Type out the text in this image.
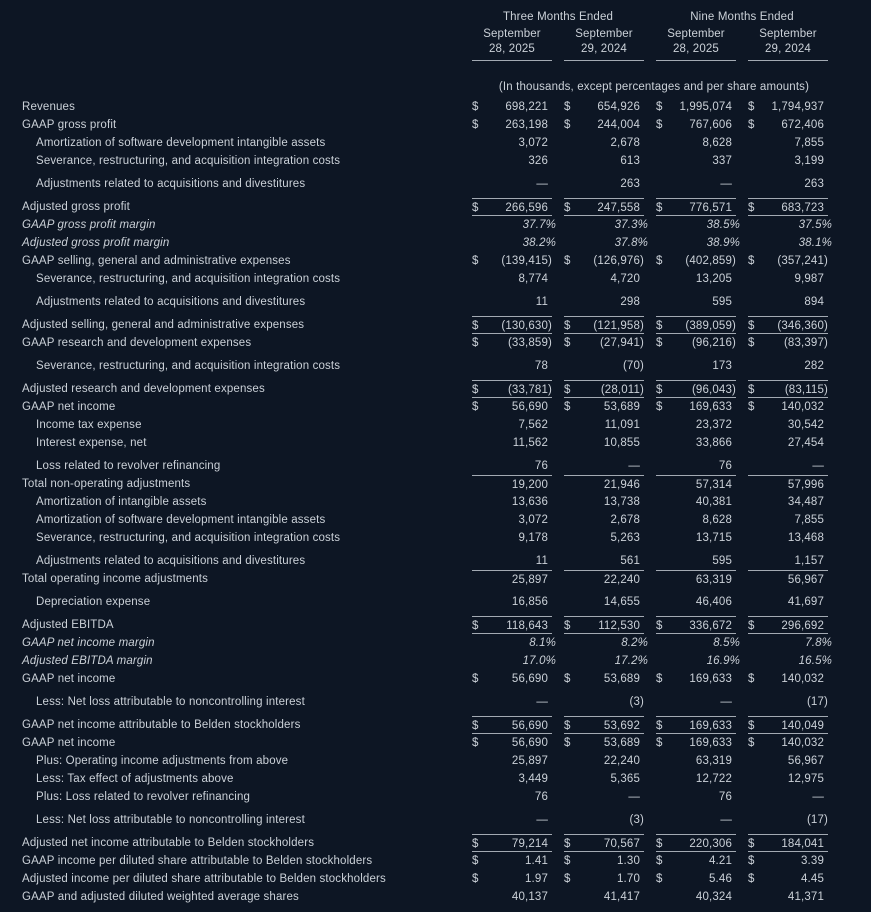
Three Months Ended	Nine Months Ended
September	September	September	September
28, 2025	29, 2024	28, 2025	29, 2024
(In thousands, except percentages and per share amounts)
Revenues	$	698,221	$	654,926	$	1,995,074	$	1,794,937
GAAP gross profit	$	263,198	$	244,004	$	767,606	$	672,406
Amortization of software development intangible assets	3,072	2,678	8,628	7,855
Severance, restructuring, and acquisition integration costs	326	613	337	3,199
Adjustments related to acquisitions and divestitures	—	263	—	263
Adjusted gross profit	$	266,596	$	247,558	$	776,571	$	683,723
GAAP gross profit margin	37.7%	37.3%	38.5%	37.5%
Adjusted gross profit margin	38.2%	37.8%	38.9%	38.1%
GAAP selling, general and administrative expenses	$	(139,415) $	(126,976) $	(402,859) $	(357,241)
Severance, restructuring, and acquisition integration costs	8,774	4,720	13,205	9,987
Adjustments related to acquisitions and divestitures	11	298	595	894
Adjusted selling, general and administrative expenses	$	(130,630) $	(121,958) $	(389,059) $	(346,360)
GAAP research and development expenses	$	(33,859) $	(27,941) $	(96,216) $	(83,397)
Severance, restructuring, and acquisition integration costs	78	(70)	173	282
Adjusted research and development expenses	$	(33,781) $	(28,011) $	(96,043) $	(83,115)
GAAP net income	$	56,690	$	53,689	$	169,633	$	140,032
Income tax expense	7,562	11,091	23,372	30,542
Interest expense, net	11,562	10,855	33,866	27,454
Loss related to revolver refinancing	76	—	76	—
Total non-operating adjustments	19,200	21,946	57,314	57,996
Amortization of intangible assets	13,636	13,738	40,381	34,487
Amortization of software development intangible assets	3,072	2,678	8,628	7,855
Severance, restructuring, and acquisition integration costs	9,178	5,263	13,715	13,468
Adjustments related to acquisitions and divestitures	11	561	595	1,157
Total operating income adjustments	25,897	22,240	63,319	56,967
Depreciation expense	16,856	14,655	46,406	41,697
Adjusted EBITDA	$	118,643	$	112,530	$	336,672	$	296,692
GAAP net income margin	8.1%	8.2%	8.5%	7.8%
Adjusted EBITDA margin	17.0%	17.2%	16.9%	16.5%
GAAP net income	$	56,690	$	53,689	$	169,633	$	140,032
Less: Net loss attributable to noncontrolling interest	—	(3)	—	(17)
GAAP net income attributable to Belden stockholders	$	56,690	$	53,692	$	169,633	$	140,049
GAAP net income	$	56,690	$	53,689	$	169,633	$	140,032
Plus: Operating income adjustments from above	25,897	22,240	63,319	56,967
Less: Tax effect of adjustments above	3,449	5,365	12,722	12,975
Plus: Loss related to revolver refinancing	76	—	76	—
Less: Net loss attributable to noncontrolling interest	—	(3)	—	(17)
Adjusted net income attributable to Belden stockholders	$	79,214	$	70,567	$	220,306	$	184,041
GAAP income per diluted share attributable to Belden stockholders	$	1.41	$	1.30	$	4.21	$	3.39
Adjusted income per diluted share attributable to Belden stockholders	$	1.97	$	1.70	$	5.46	$	4.45
GAAP and adjusted diluted weighted average shares	40,137	41,417	40,324	41,371
